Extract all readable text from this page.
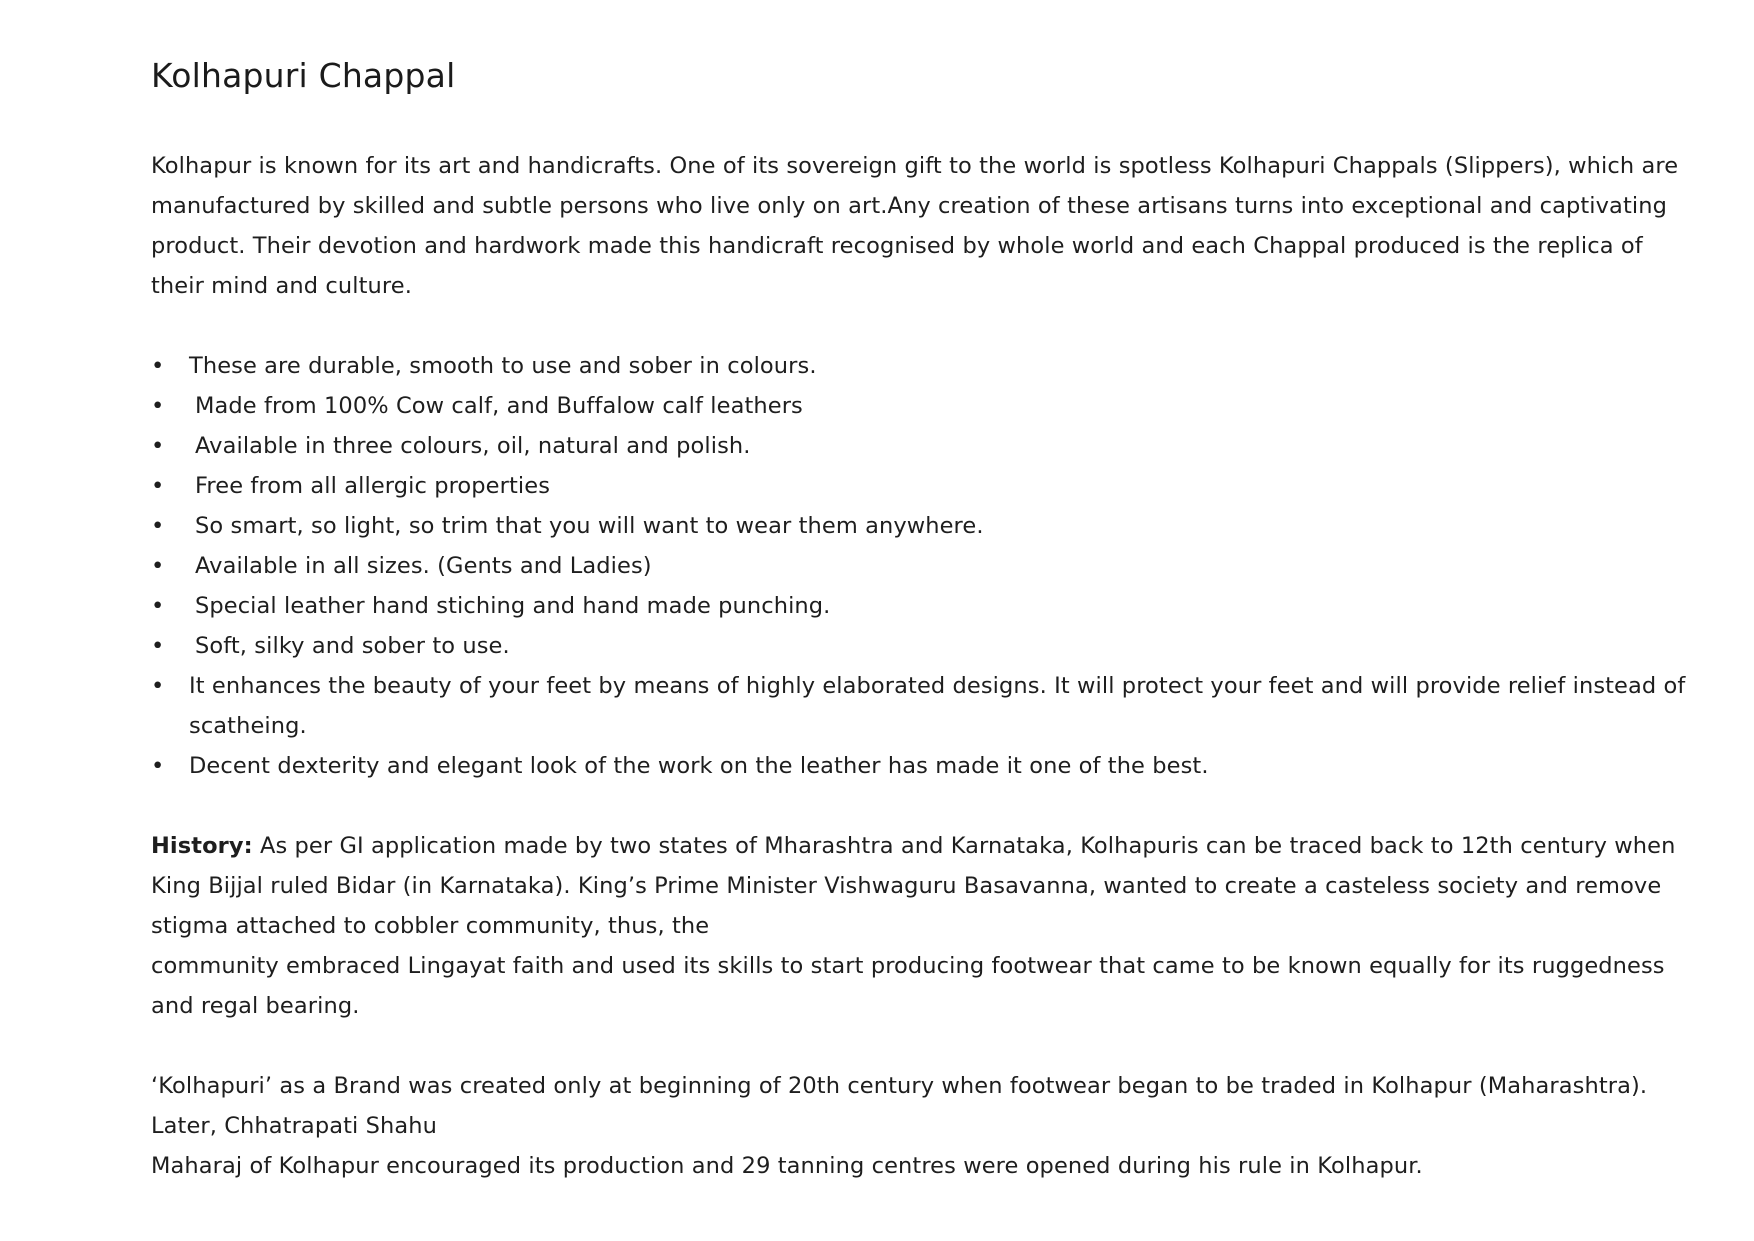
Kolhapuri Chappal

Kolhapur is known for its art and handicrafts. One of its sovereign gift to the world is spotless Kolhapuri Chappals (Slippers), which are manufactured by skilled and subtle persons who live only on art.Any creation of these artisans turns into exceptional and captivating product. Their devotion and hardwork made this handicraft recognised by whole world and each Chappal produced is the replica of their mind and culture.

• These are durable, smooth to use and sober in colours.
• Made from 100% Cow calf, and Buffalow calf leathers
• Available in three colours, oil, natural and polish.
• Free from all allergic properties
• So smart, so light, so trim that you will want to wear them anywhere.
• Available in all sizes. (Gents and Ladies)
• Special leather hand stiching and hand made punching.
• Soft, silky and sober to use.
• It enhances the beauty of your feet by means of highly elaborated designs. It will protect your feet and will provide relief instead of scatheing.
• Decent dexterity and elegant look of the work on the leather has made it one of the best.

History: As per GI application made by two states of Mharashtra and Karnataka, Kolhapuris can be traced back to 12th century when King Bijjal ruled Bidar (in Karnataka). King’s Prime Minister Vishwaguru Basavanna, wanted to create a casteless society and remove stigma attached to cobbler community, thus, the

community embraced Lingayat faith and used its skills to start producing footwear that came to be known equally for its ruggedness and regal bearing.

‘Kolhapuri’ as a Brand was created only at beginning of 20th century when footwear began to be traded in Kolhapur (Maharashtra). Later, Chhatrapati Shahu

Maharaj of Kolhapur encouraged its production and 29 tanning centres were opened during his rule in Kolhapur.
